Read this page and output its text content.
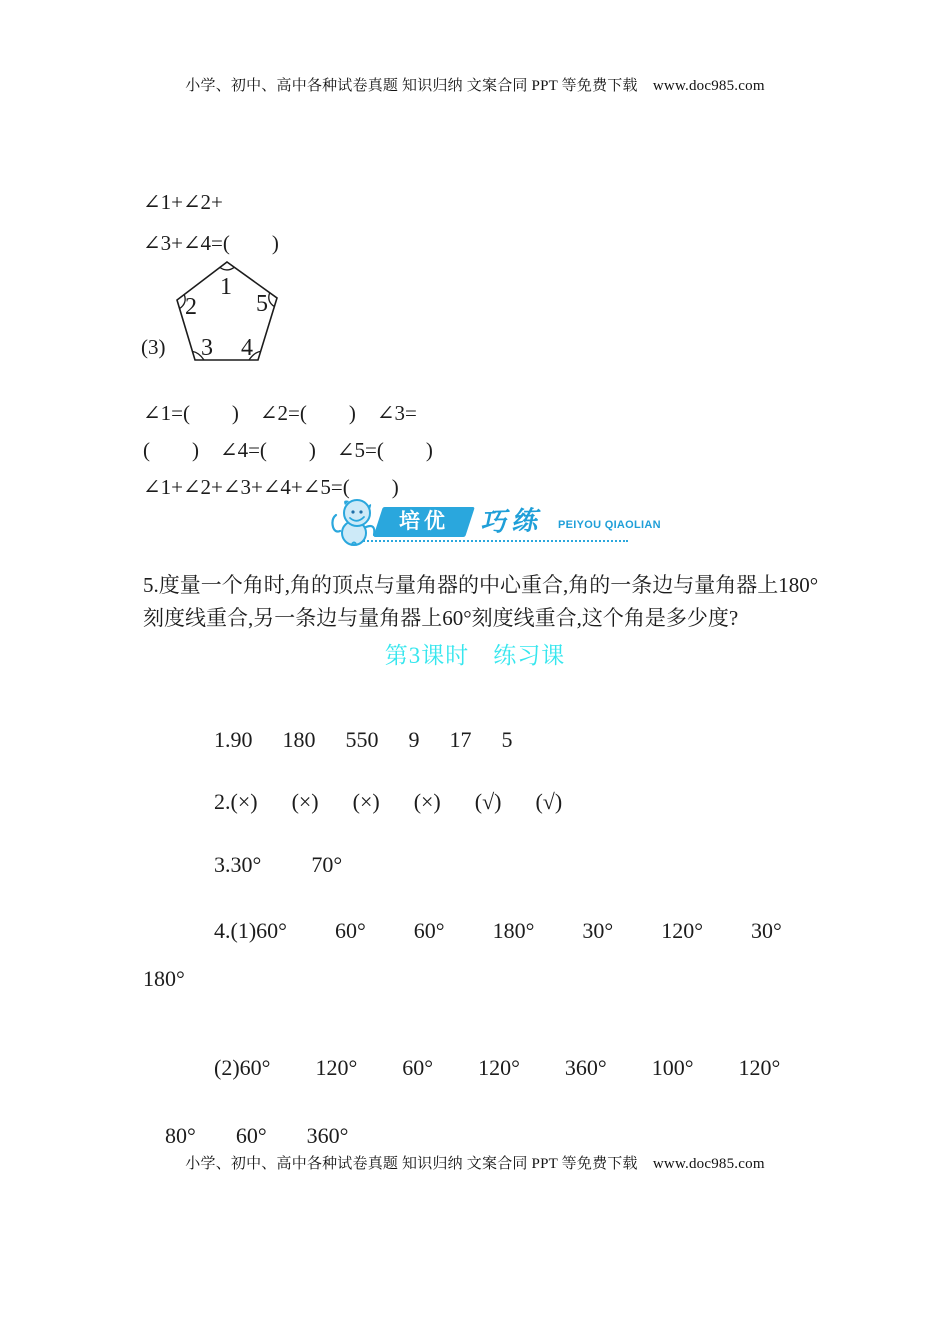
小学、初中、高中各种试卷真题 知识归纳 文案合同 PPT 等免费下载　www.doc985.com
∠1+∠2+
∠3+∠4=(　　)
1
2 5
3 4
(3)
∠1=(　　)　∠2=(　　)　∠3=
(　　)　∠4=(　　)　∠5=(　　)
∠1+∠2+∠3+∠4+∠5=(　　)
培优	巧练 PEIYOU QIAOLIAN
5.度量一个角时,角的顶点与量角器的中心重合,角的一条边与量角器上180°
刻度线重合,另一条边与量角器上60°刻度线重合,这个角是多少度?
第3课时　练习课

1. 90 180 550 9 17 5

2. (×) (×) (×) (×) (√) (√)

3. 30° 70°

4.(1) 60° 60° 60° 180° 30° 120° 30°

180°

(2) 60° 120° 60° 120° 360° 100° 120°

80° 60° 360°

小学、初中、高中各种试卷真题 知识归纳 文案合同 PPT 等免费下载　www.doc985.com
